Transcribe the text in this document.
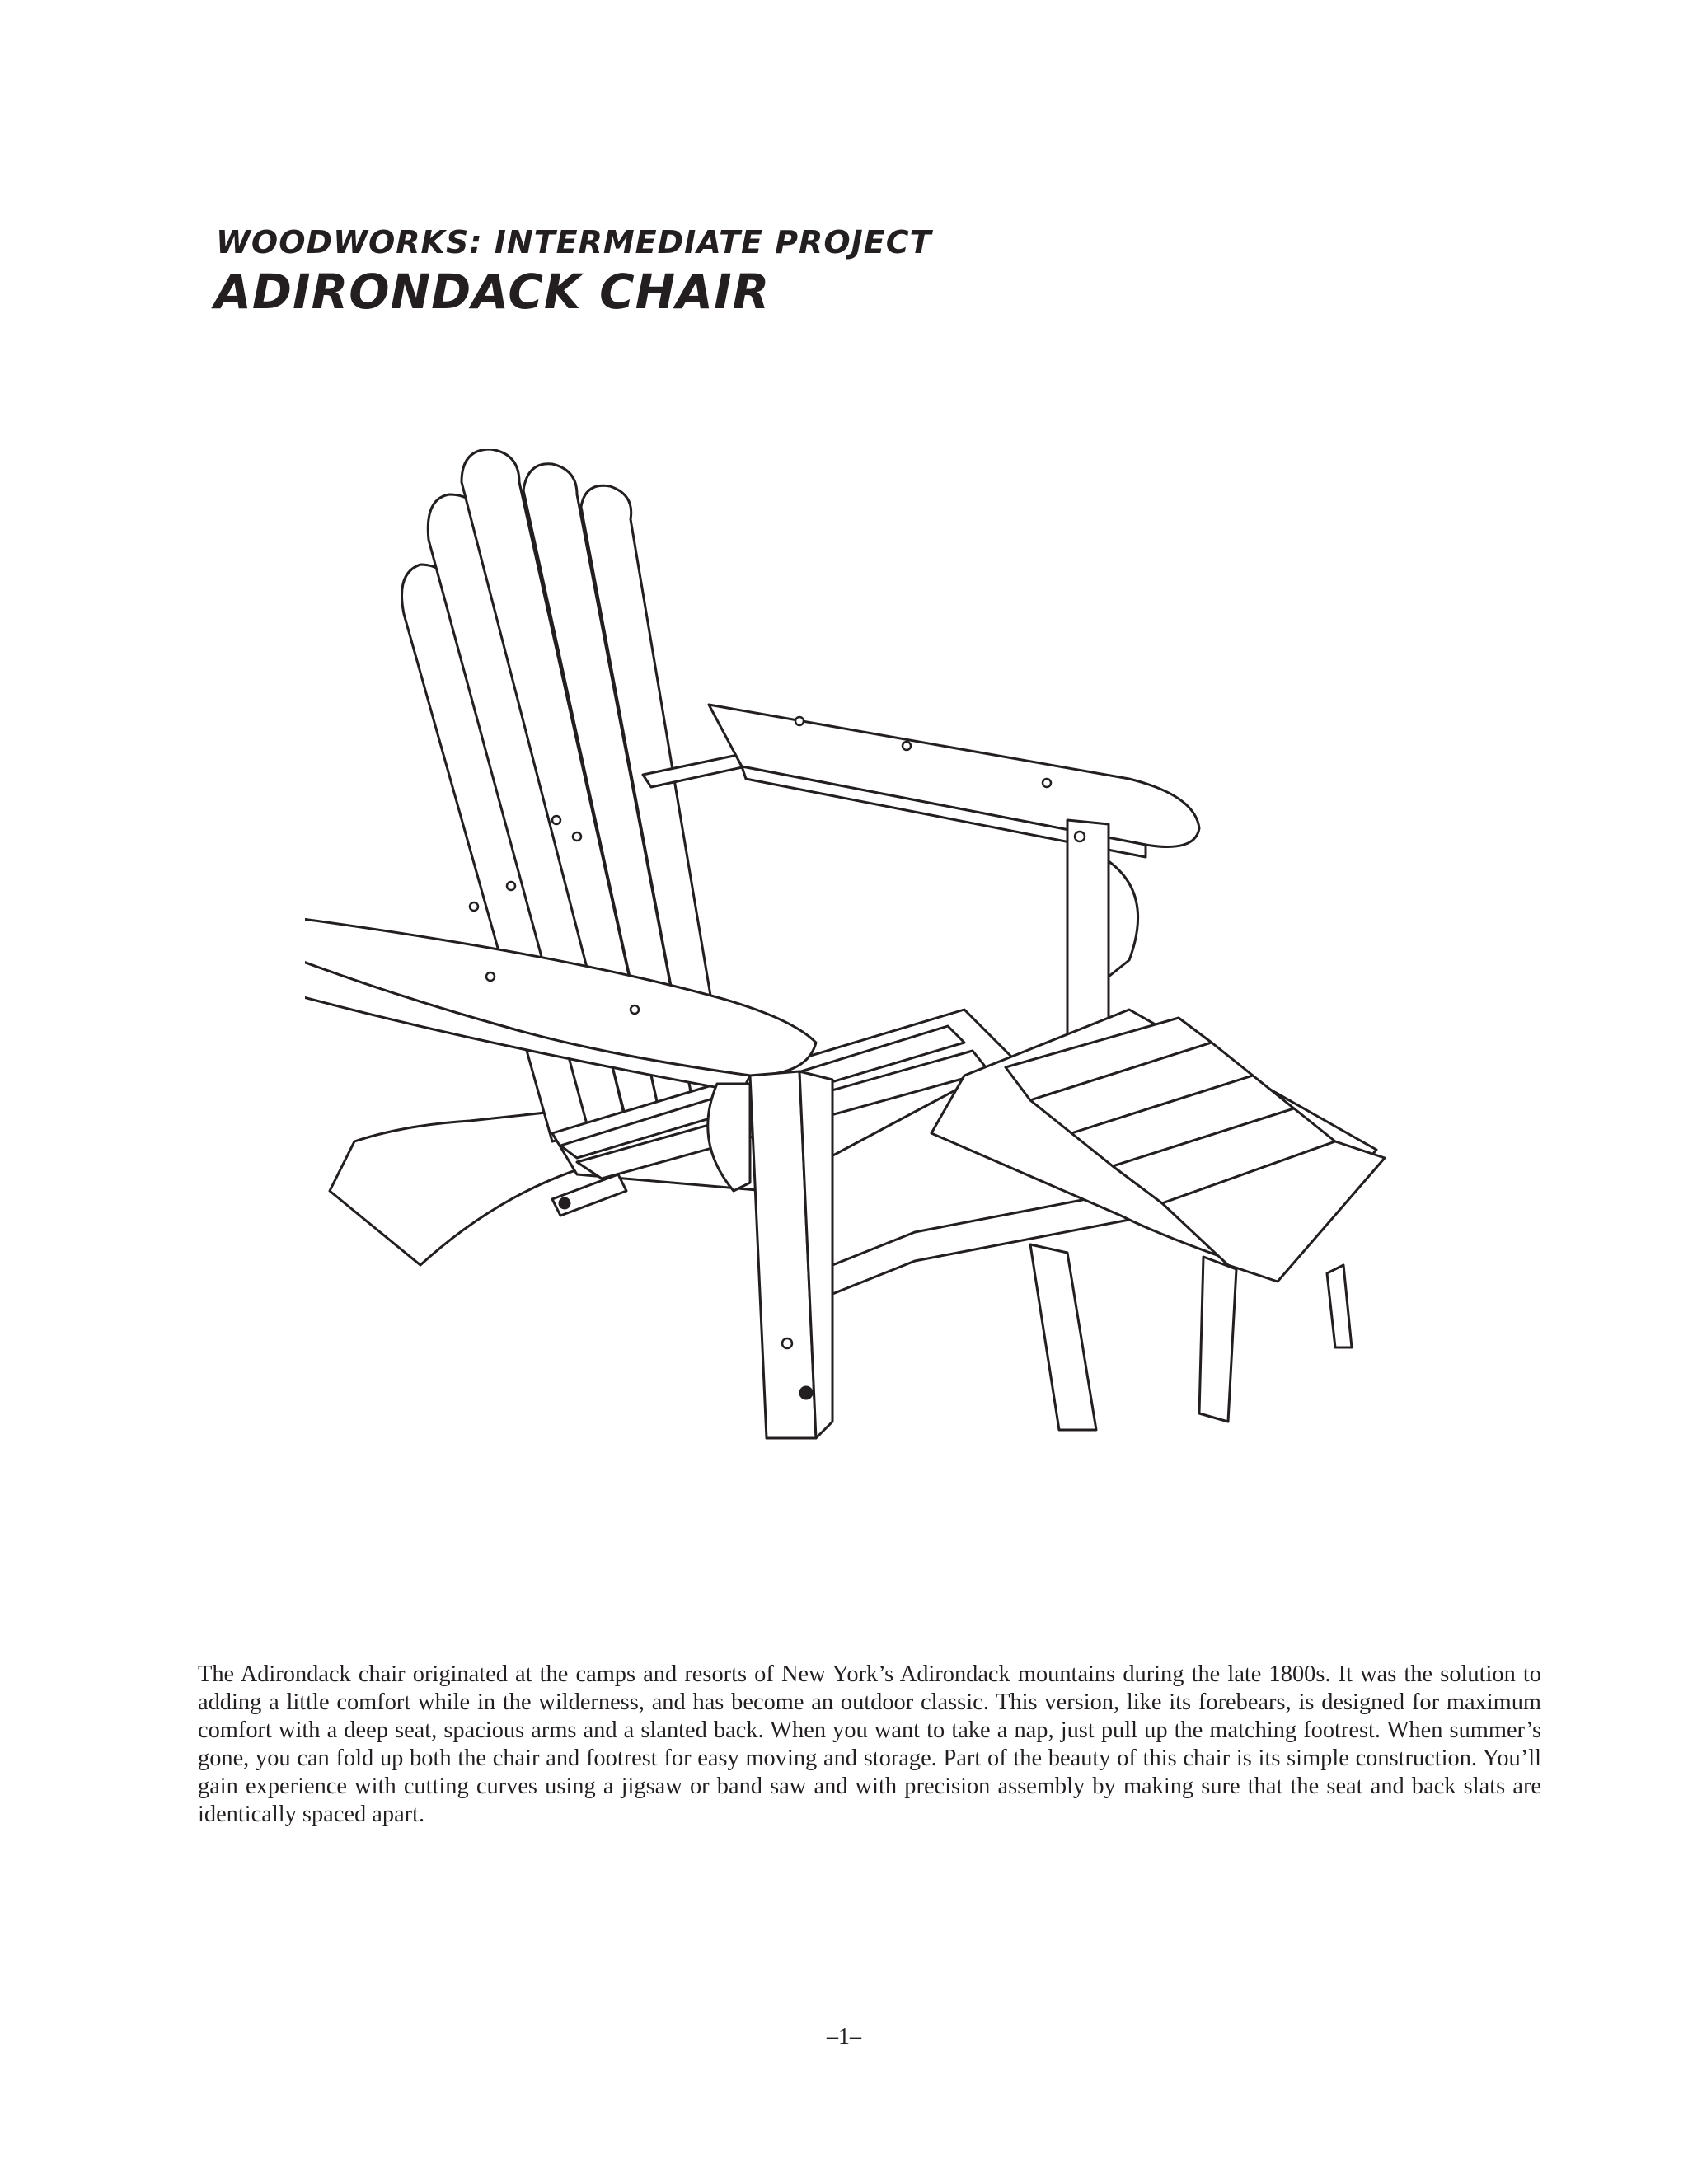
WOODWORKS: INTERMEDIATE PROJECT
ADIRONDACK CHAIR

The Adirondack chair originated at the camps and resorts of New York’s Adirondack mountains during the late 1800s. It was the solution to adding a little comfort while in the wilderness, and has become an outdoor classic. This version, like its forebears, is designed for maximum comfort with a deep seat, spacious arms and a slanted back. When you want to take a nap, just pull up the matching footrest. When summer’s gone, you can fold up both the chair and footrest for easy moving and storage. Part of the beauty of this chair is its simple construction. You’ll gain experience with cutting curves using a jigsaw or band saw and with precision assembly by making sure that the seat and back slats are identically spaced apart.

–1–
